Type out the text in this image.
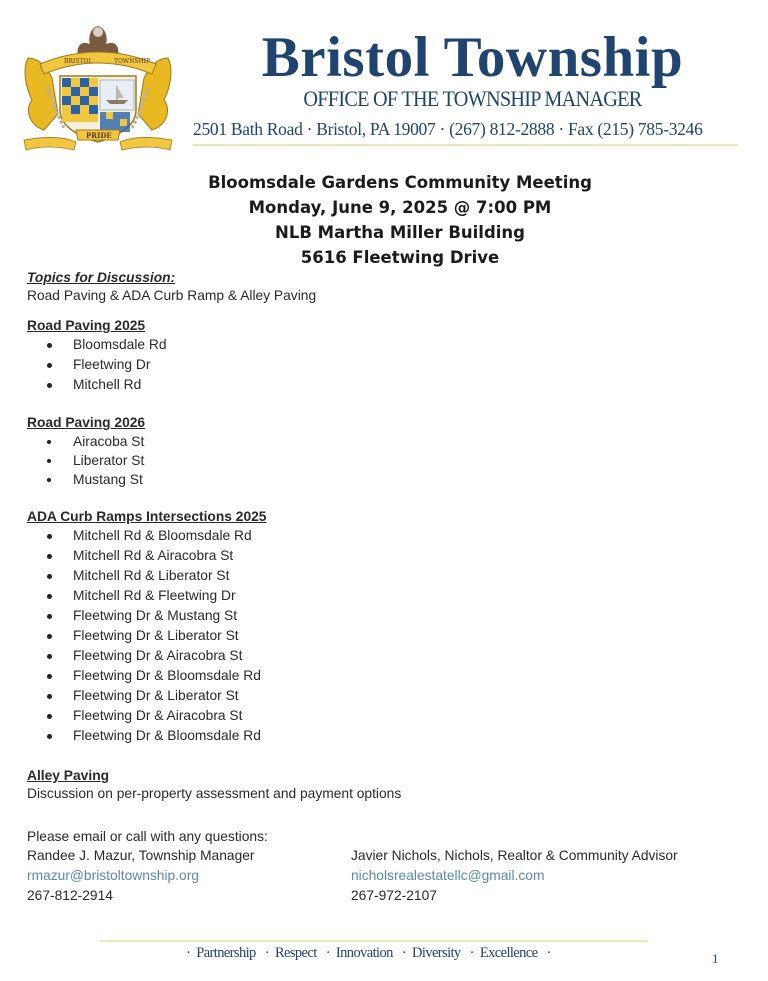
BRISTOL	TOWNSHIP
PRIDE
Bristol Township
OFFICE OF THE TOWNSHIP MANAGER
2501 Bath Road · Bristol, PA 19007 · (267) 812-2888 · Fax (215) 785-3246
Bloomsdale Gardens Community Meeting
Monday, June 9, 2025 @ 7:00 PM
NLB Martha Miller Building
5616 Fleetwing Drive
Topics for Discussion:
Road Paving & ADA Curb Ramp & Alley Paving
Road Paving 2025
Bloomsdale Rd
Fleetwing Dr
Mitchell Rd
Road Paving 2026
Airacoba St
Liberator St
Mustang St
ADA Curb Ramps Intersections 2025
Mitchell Rd & Bloomsdale Rd
Mitchell Rd & Airacobra St
Mitchell Rd & Liberator St
Mitchell Rd & Fleetwing Dr
Fleetwing Dr & Mustang St
Fleetwing Dr & Liberator St
Fleetwing Dr & Airacobra St
Fleetwing Dr & Bloomsdale Rd
Fleetwing Dr & Liberator St
Fleetwing Dr & Airacobra St
Fleetwing Dr & Bloomsdale Rd
Alley Paving
Discussion on per-property assessment and payment options
Please email or call with any questions:
Randee J. Mazur, Township Manager
rmazur@bristoltownship.org
267-812-2914
Javier Nichols, Nichols, Realtor & Community Advisor
nicholsrealestatellc@gmail.com
267-972-2107
· Partnership · Respect · Innovation · Diversity · Excellence ·	1
